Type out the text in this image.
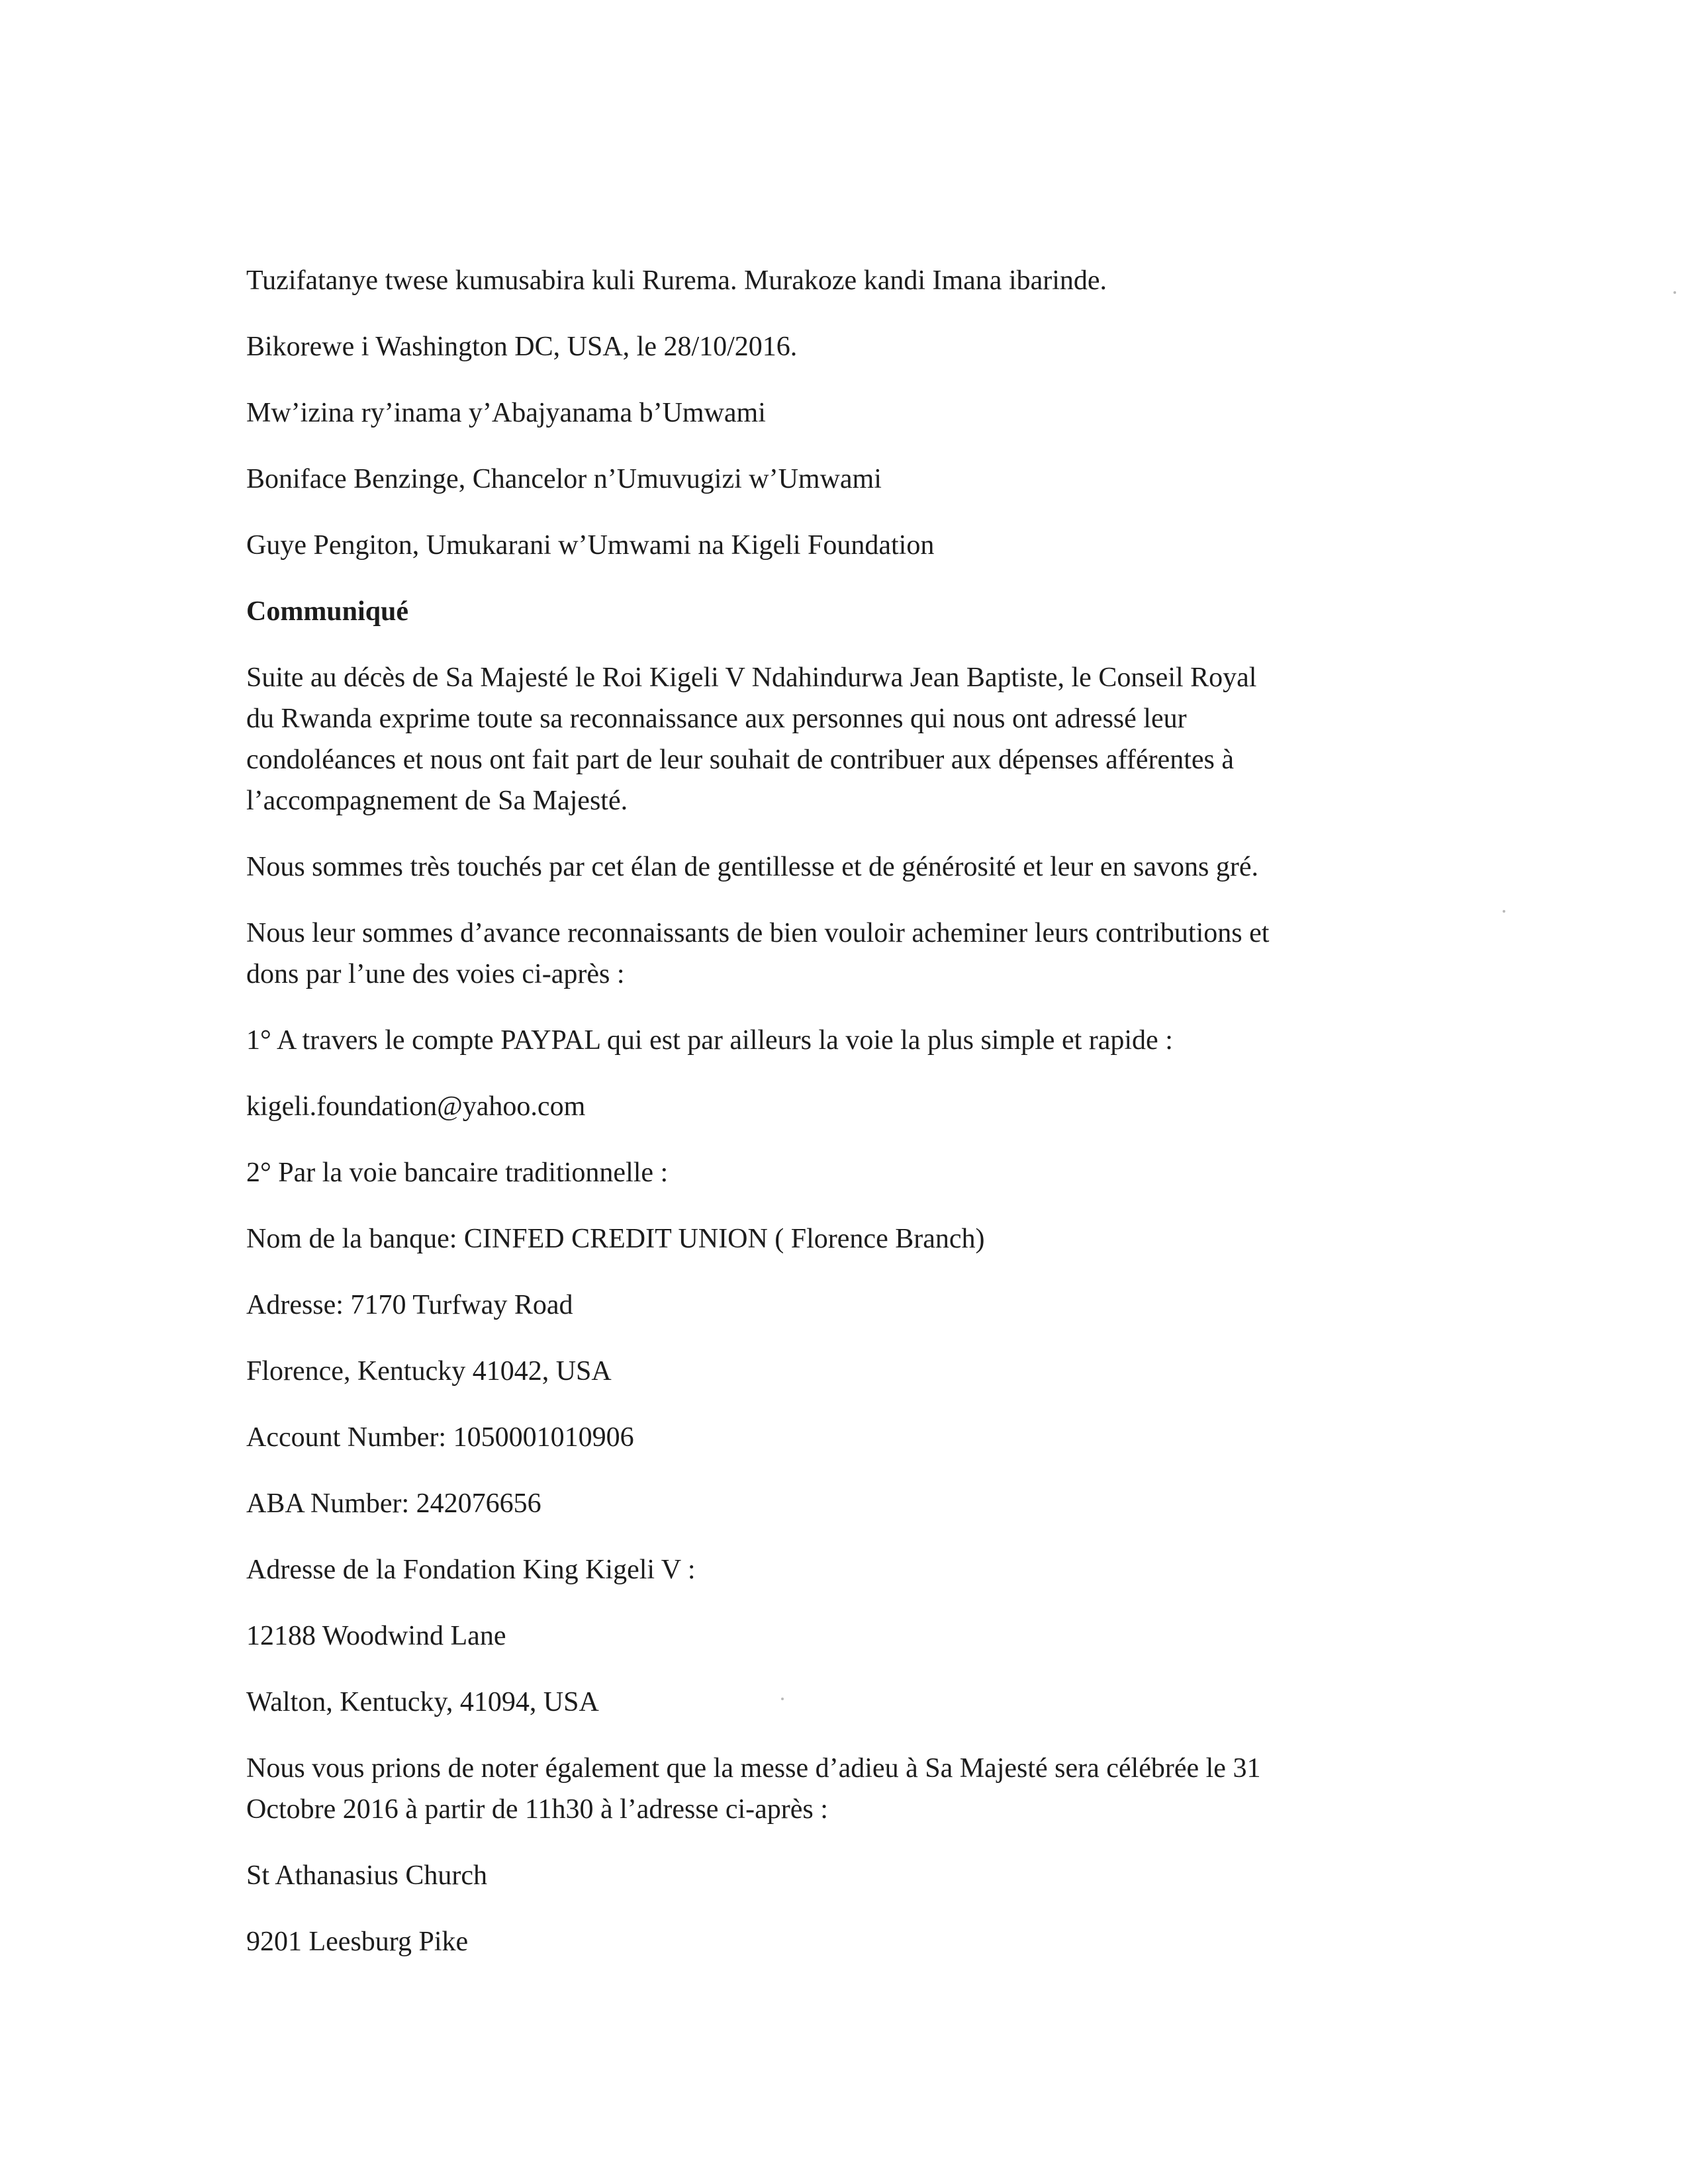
Tuzifatanye twese kumusabira kuli Rurema. Murakoze kandi Imana ibarinde.

Bikorewe i Washington DC, USA, le 28/10/2016.

Mw’izina ry’inama y’Abajyanama b’Umwami

Boniface Benzinge, Chancelor n’Umuvugizi w’Umwami

Guye Pengiton, Umukarani w’Umwami na Kigeli Foundation

Communiqué

Suite au décès de Sa Majesté le Roi Kigeli V Ndahindurwa Jean Baptiste, le Conseil Royal

du Rwanda exprime toute sa reconnaissance aux personnes qui nous ont adressé leur

condoléances et nous ont fait part de leur souhait de contribuer aux dépenses afférentes à

l’accompagnement de Sa Majesté.

Nous sommes très touchés par cet élan de gentillesse et de générosité et leur en savons gré.

Nous leur sommes d’avance reconnaissants de bien vouloir acheminer leurs contributions et

dons par l’une des voies ci-après :

1° A travers le compte PAYPAL qui est par ailleurs la voie la plus simple et rapide :

kigeli.foundation@yahoo.com

2° Par la voie bancaire traditionnelle :

Nom de la banque: CINFED CREDIT UNION ( Florence Branch)

Adresse: 7170 Turfway Road

Florence, Kentucky 41042, USA

Account Number: 1050001010906

ABA Number: 242076656

Adresse de la Fondation King Kigeli V :

12188 Woodwind Lane

Walton, Kentucky, 41094, USA

Nous vous prions de noter également que la messe d’adieu à Sa Majesté sera célébrée le 31

Octobre 2016 à partir de 11h30 à l’adresse ci-après :

St Athanasius Church

9201 Leesburg Pike
